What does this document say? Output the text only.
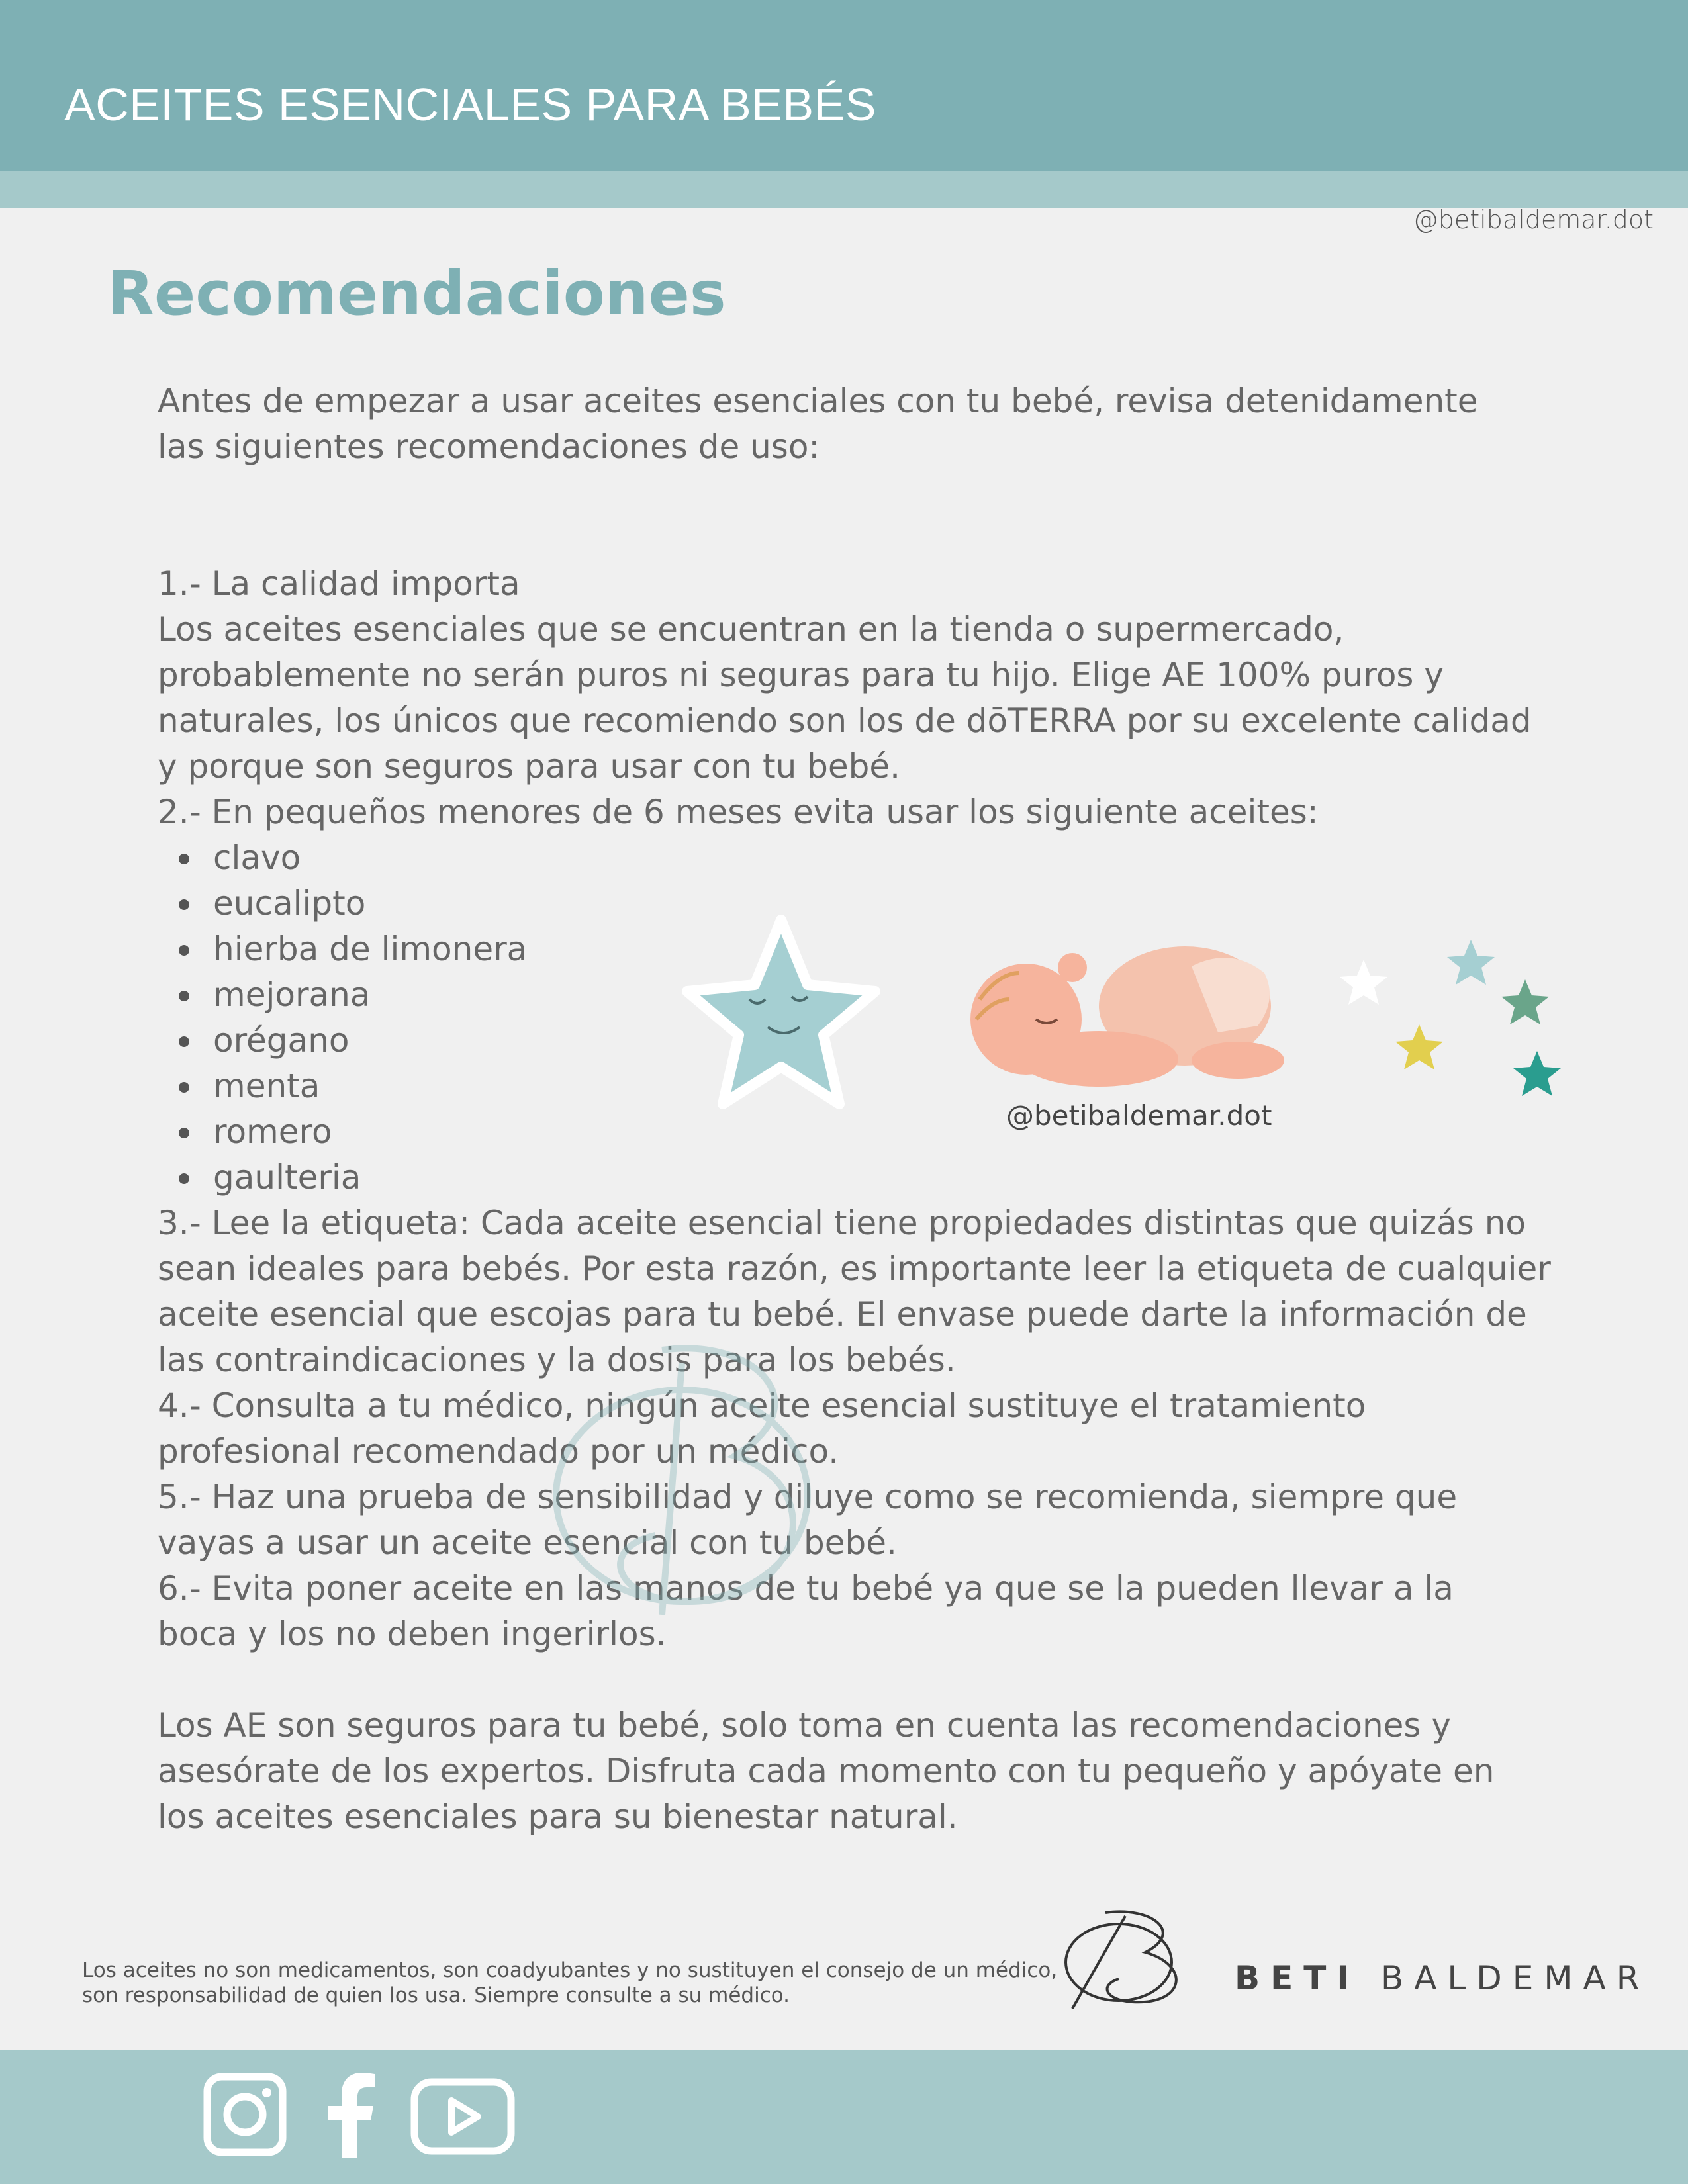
ACEITES ESENCIALES PARA BEBÉS
@betibaldemar.dot
Recomendaciones

Antes de empezar a usar aceites esenciales con tu bebé, revisa detenidamente las siguientes recomendaciones de uso:

1.- La calidad importa

Los aceites esenciales que se encuentran en la tienda o supermercado, probablemente no serán puros ni seguras para tu hijo. Elige AE 100% puros y naturales, los únicos que recomiendo son los de dōTERRA por su excelente calidad y porque son seguros para usar con tu bebé.

2.- En pequeños menores de 6 meses evita usar los siguiente aceites:

clavo
eucalipto
hierba de limonera
mejorana
orégano
menta
romero
gaulteria

3.- Lee la etiqueta: Cada aceite esencial tiene propiedades distintas que quizás no sean ideales para bebés. Por esta razón, es importante leer la etiqueta de cualquier aceite esencial que escojas para tu bebé. El envase puede darte la información de las contraindicaciones y la dosis para los bebés.

4.- Consulta a tu médico, ningún aceite esencial sustituye el tratamiento profesional recomendado por un médico.

5.- Haz una prueba de sensibilidad y diluye como se recomienda, siempre que vayas a usar un aceite esencial con tu bebé.

6.- Evita poner aceite en las manos de tu bebé ya que se la pueden llevar a la boca y los no deben ingerirlos.

Los AE son seguros para tu bebé, solo toma en cuenta las recomendaciones y asesórate de los expertos. Disfruta cada momento con tu pequeño y apóyate en los aceites esenciales para su bienestar natural.

@betibaldemar.dot
Los aceites no son medicamentos, son coadyubantes y no sustituyen el consejo de un médico, son responsabilidad de quien los usa. Siempre consulte a su médico.	BETI BALDEMAR
